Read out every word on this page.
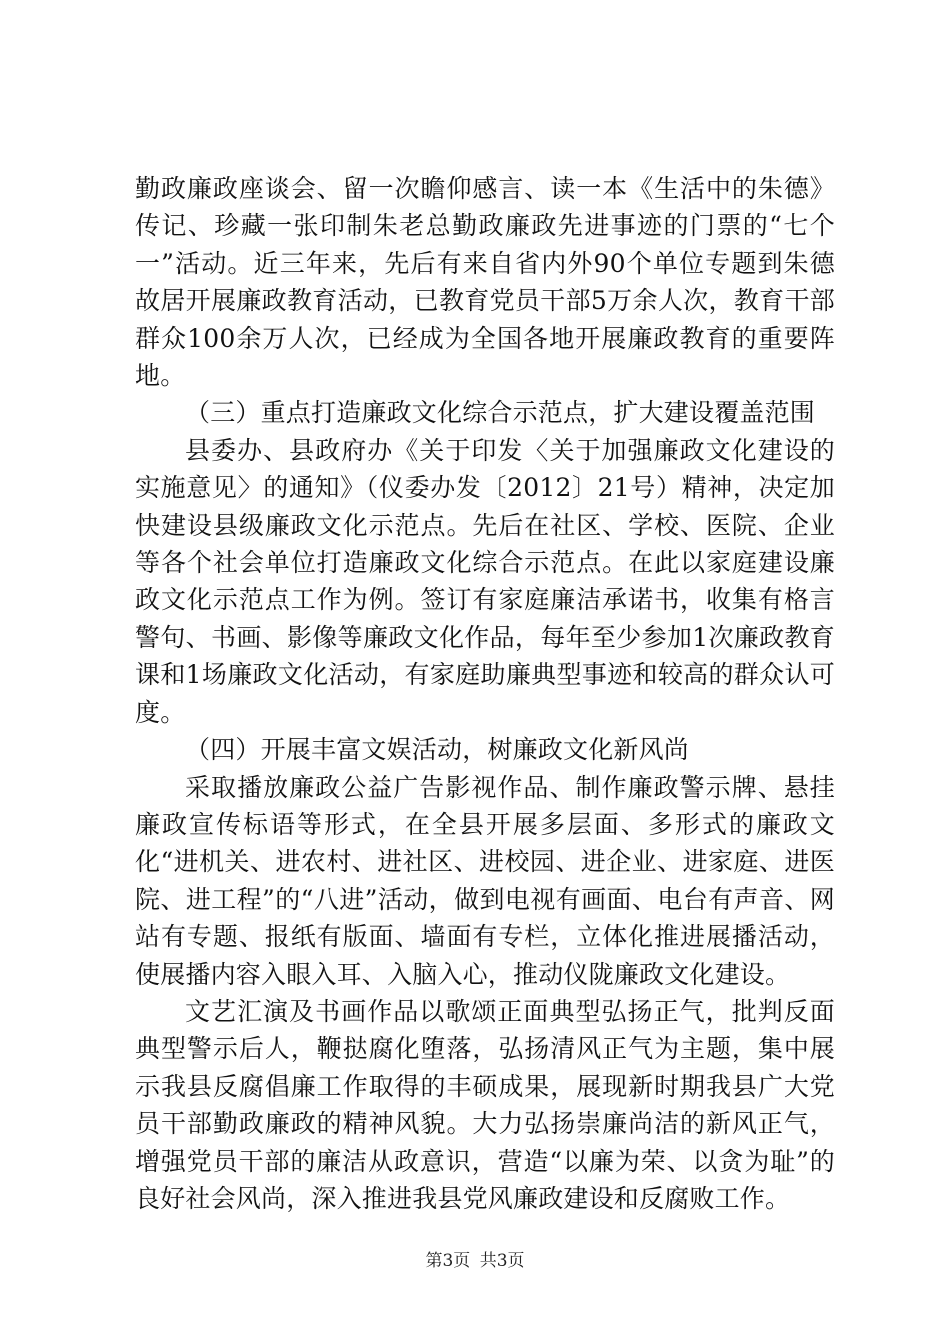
勤政廉政座谈会、留一次瞻仰感言、读一本《生活中的朱德》传记、珍藏一张印制朱老总勤政廉政先进事迹的门票的“七个一”活动。近三年来，先后有来自省内外90个单位专题到朱德故居开展廉政教育活动，已教育党员干部5万余人次，教育干部群众100余万人次，已经成为全国各地开展廉政教育的重要阵地。

（三）重点打造廉政文化综合示范点，扩大建设覆盖范围

县委办、县政府办《关于印发〈关于加强廉政文化建设的实施意见〉的通知》（仪委办发〔2012〕21号）精神，决定加快建设县级廉政文化示范点。先后在社区、学校、医院、企业等各个社会单位打造廉政文化综合示范点。在此以家庭建设廉政文化示范点工作为例。签订有家庭廉洁承诺书，收集有格言警句、书画、影像等廉政文化作品，每年至少参加1次廉政教育课和1场廉政文化活动，有家庭助廉典型事迹和较高的群众认可度。

（四）开展丰富文娱活动，树廉政文化新风尚

采取播放廉政公益广告影视作品、制作廉政警示牌、悬挂廉政宣传标语等形式，在全县开展多层面、多形式的廉政文化“进机关、进农村、进社区、进校园、进企业、进家庭、进医院、进工程”的“八进”活动，做到电视有画面、电台有声音、网站有专题、报纸有版面、墙面有专栏，立体化推进展播活动，使展播内容入眼入耳、入脑入心，推动仪陇廉政文化建设。

文艺汇演及书画作品以歌颂正面典型弘扬正气，批判反面典型警示后人，鞭挞腐化堕落，弘扬清风正气为主题，集中展示我县反腐倡廉工作取得的丰硕成果，展现新时期我县广大党员干部勤政廉政的精神风貌。大力弘扬崇廉尚洁的新风正气，增强党员干部的廉洁从政意识，营造“以廉为荣、以贪为耻”的良好社会风尚，深入推进我县党风廉政建设和反腐败工作。

第3页 共3页
